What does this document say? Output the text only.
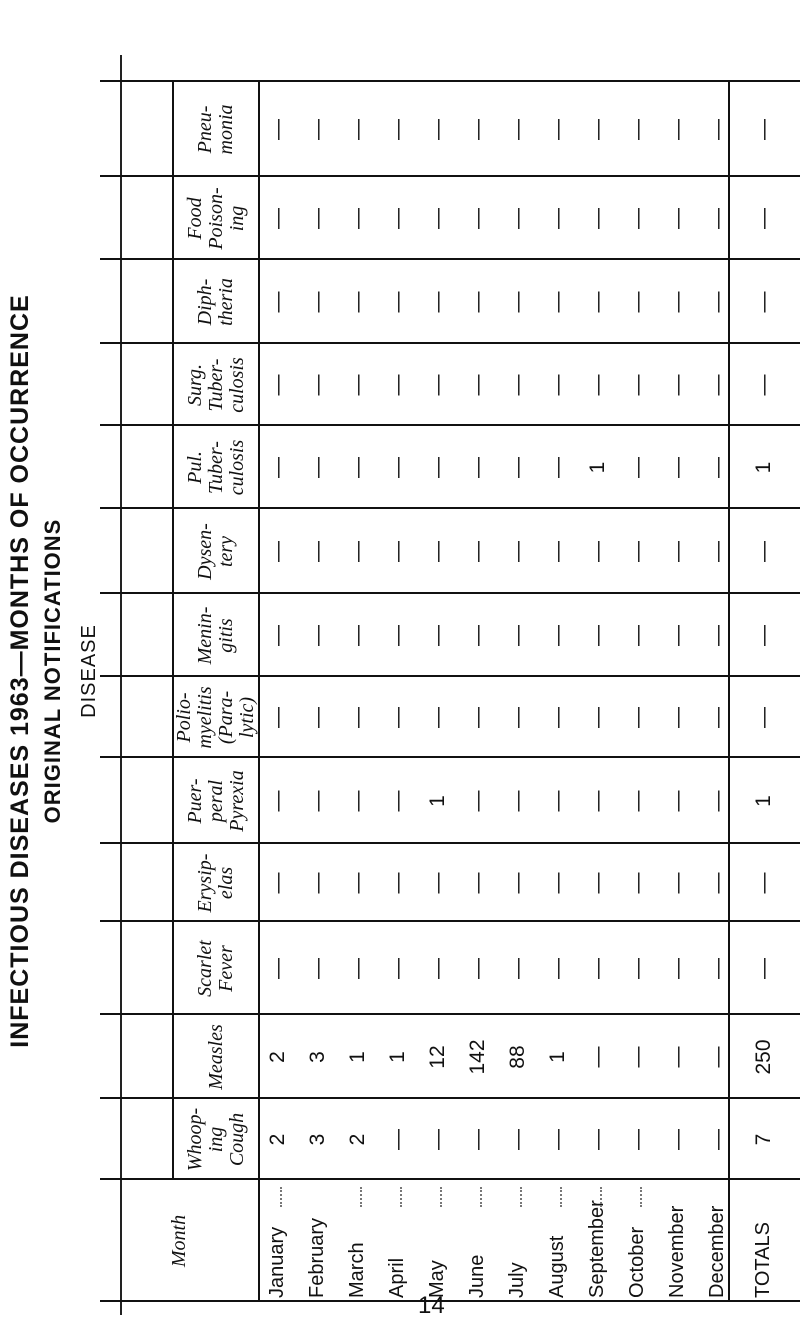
INFECTIOUS DISEASES 1963—MONTHS OF OCCURRENCE ORIGINAL NOTIFICATIONS DISEASE
Month
Whoop- ing Cough
Measles
Scarlet Fever
Erysip- elas
Puer- peral Pyrexia
Polio- myelitis (Para- lytic)
Menin- gitis
Dysen- tery
Pul. Tuber- culosis
Surg. Tuber- culosis
Diph- theria
Food Poison- ing
Pneu- monia
January
2
2
—
—
—
—
—
—
—
—
—
—
—
February
3
3
—
—
—
—
—
—
—
—
—
—
—
March
2
1
—
—
—
—
—
—
—
—
—
—
—
April
—
1
—
—
—
—
—
—
—
—
—
—
—
May
—
12
—
—
1
—
—
—
—
—
—
—
—
June
—
142
—
—
—
—
—
—
—
—
—
—
—
July
—
88
—
—
—
—
—
—
—
—
—
—
—
August
—
1
—
—
—
—
—
—
—
—
—
—
—
September
—
—
—
—
—
—
—
—
1
—
—
—
—
October
—
—
—
—
—
—
—
—
—
—
—
—
—
November
—
—
—
—
—
—
—
—
—
—
—
—
—
December
—
—
—
—
—
—
—
—
—
—
—
—
—
TOTALS
7
250
—
—
1
—
—
—
1
—
—
—
—
14
